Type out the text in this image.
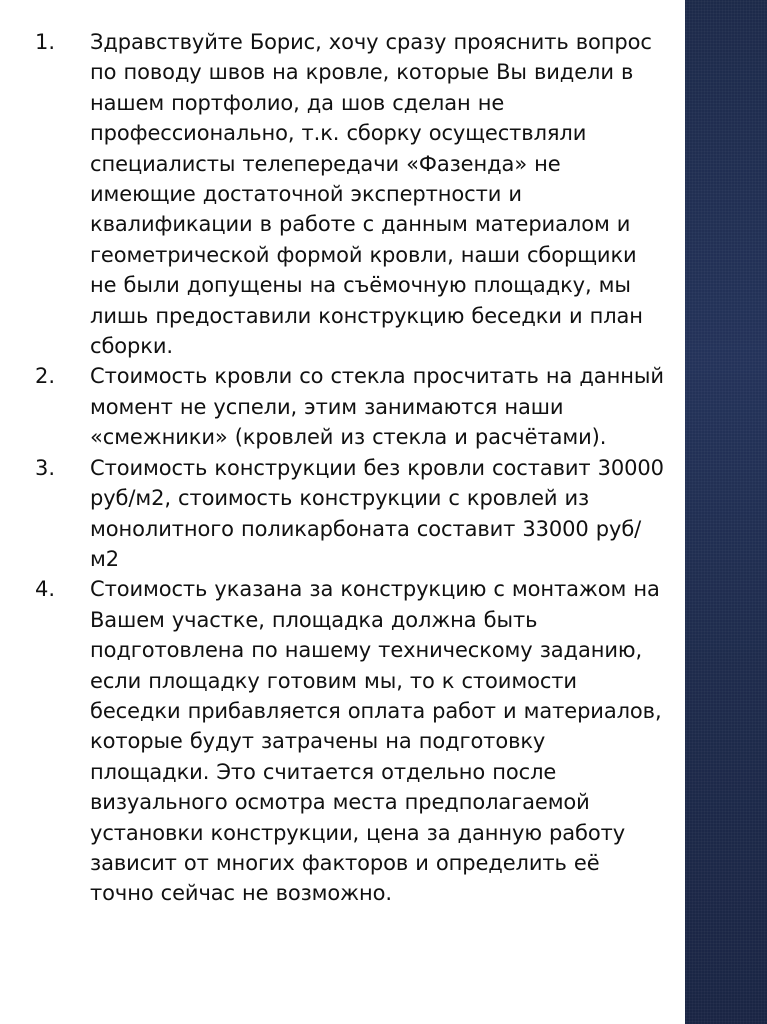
1.	Здравствуйте Борис, хочу сразу прояснить вопрос по поводу швов на кровле, которые Вы видели в нашем портфолио, да шов сделан не профессионально, т.к. сборку осуществляли специалисты телепередачи «Фазенда» не имеющие достаточной экспертности и квалификации в работе с данным материалом и геометрической формой кровли, наши сборщики не были допущены на съёмочную площадку, мы лишь предоставили конструкцию беседки и план сборки.
2.	Стоимость кровли со стекла просчитать на данный момент не успели, этим занимаются наши «смежники» (кровлей из стекла и расчётами).
3.	Стоимость конструкции без кровли составит 30000 руб/м2, стоимость конструкции с кровлей из монолитного поликарбоната составит 33000 руб/м2
4.	Стоимость указана за конструкцию с монтажом на Вашем участке, площадка должна быть подготовлена по нашему техническому заданию, если площадку готовим мы, то к стоимости беседки прибавляется оплата работ и материалов, которые будут затрачены на подготовку площадки. Это считается отдельно после визуального осмотра места предполагаемой установки конструкции, цена за данную работу зависит от многих факторов и определить её точно сейчас не возможно.
